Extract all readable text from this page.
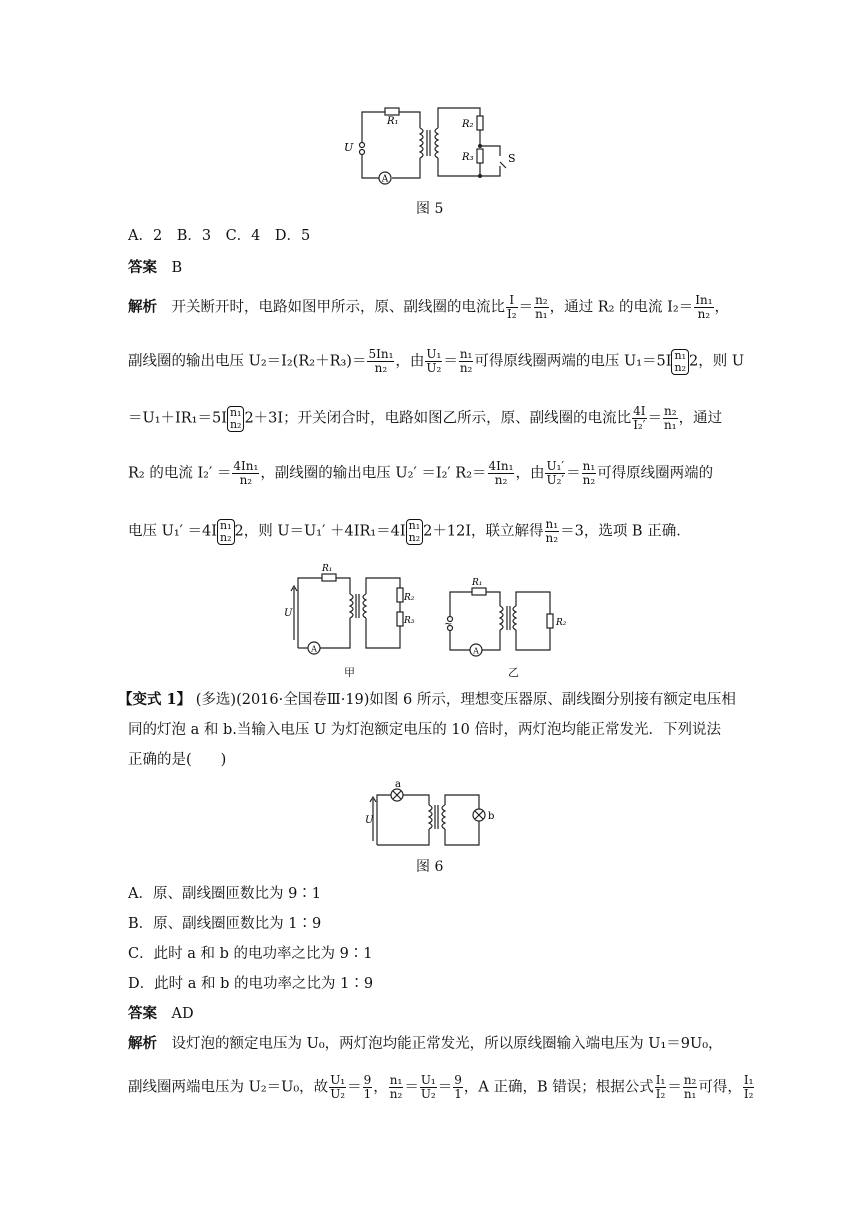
A
R₁
U
R₂
R₃	S
图 5
A．2　B．3　C．4　D．5
答案　 B
解析　 开关断开时，电路如图甲所示，原、副线圈的电流比 $\frac{I}{\text{I₂}} = \frac{\text{n₂}}{\text{n₁}}$ ，通过 R₂ 的电流 $I_2= \frac{\text{In₁}}{\text{n₂}}$ ，
副线圈的输出电压 $U_2=I_2(R_2+R_3)= \frac{\text{5In₁}}{\text{n₂}}$ ，由 $\frac{\text{U₁}}{\text{U₂}} = \frac{\text{n₁}}{\text{n₂}}$ 可得原线圈两端的电压 U₁＝5I n₁
n₂ 2，则 U
＝U₁＋IR₁＝5I n₁
n₂ 2＋3I；开关闭合时，电路如图乙所示，原、副线圈的电流比 $\frac{4I}{\text{I₂′}} = \frac{\text{n₂}}{\text{n₁}}$ ，通过
R₂ 的电流 $I_2' = \frac{\text{4In₁}}{\text{n₂}}$ ，副线圈的输出电压 U₂′ ＝I₂′ $R_2= \frac{\text{4In₁}}{\text{n₂}}$ ，由 $\frac{\text{U₁′}}{\text{U₂′}} = \frac{\text{n₁}}{\text{n₂}}$ 可得原线圈两端的
电压 U₁′ ＝4I n₁
n₂ 2，则 U＝U₁′ ＋4IR₁＝4I n₁
n₂ 2＋12I，联立解得 $\frac{\text{n₁}}{\text{n₂}} =3$，选项 B 正确．
A
R₁
U
R₂
R₃
甲
A
R₁
~	R₂
乙
【变式 1】 (多选)(2016·全国卷Ⅲ·19)如图 6 所示，理想变压器原、副线圈分别接有额定电压相
同的灯泡 a 和 b.当输入电压 U 为灯泡额定电压的 10 倍时，两灯泡均能正常发光．下列说法
正确的是(　　)
a
b
U
图 6
A．原、副线圈匝数比为 9∶1
B．原、副线圈匝数比为 1∶9
C．此时 a 和 b 的电功率之比为 9∶1
D．此时 a 和 b 的电功率之比为 1∶9
答案　 AD
解析　 设灯泡的额定电压为 U₀，两灯泡均能正常发光，所以原线圈输入端电压为 U₁＝9U₀，
副线圈两端电压为 U₂＝U₀，故 $\frac{\text{U₁}}{\text{U₂}} = \frac{9}{1}$ ， $\frac{\text{n₁}}{\text{n₂}} = \frac{\text{U₁}}{\text{U₂}} = \frac{9}{1}$ ，A 正确，B 错误；根据公式 $\frac{\text{I₁}}{\text{I₂}} = \frac{\text{n₂}}{\text{n₁}}$ 可得， $\frac{\text{I₁}}{\text{I₂}}$
